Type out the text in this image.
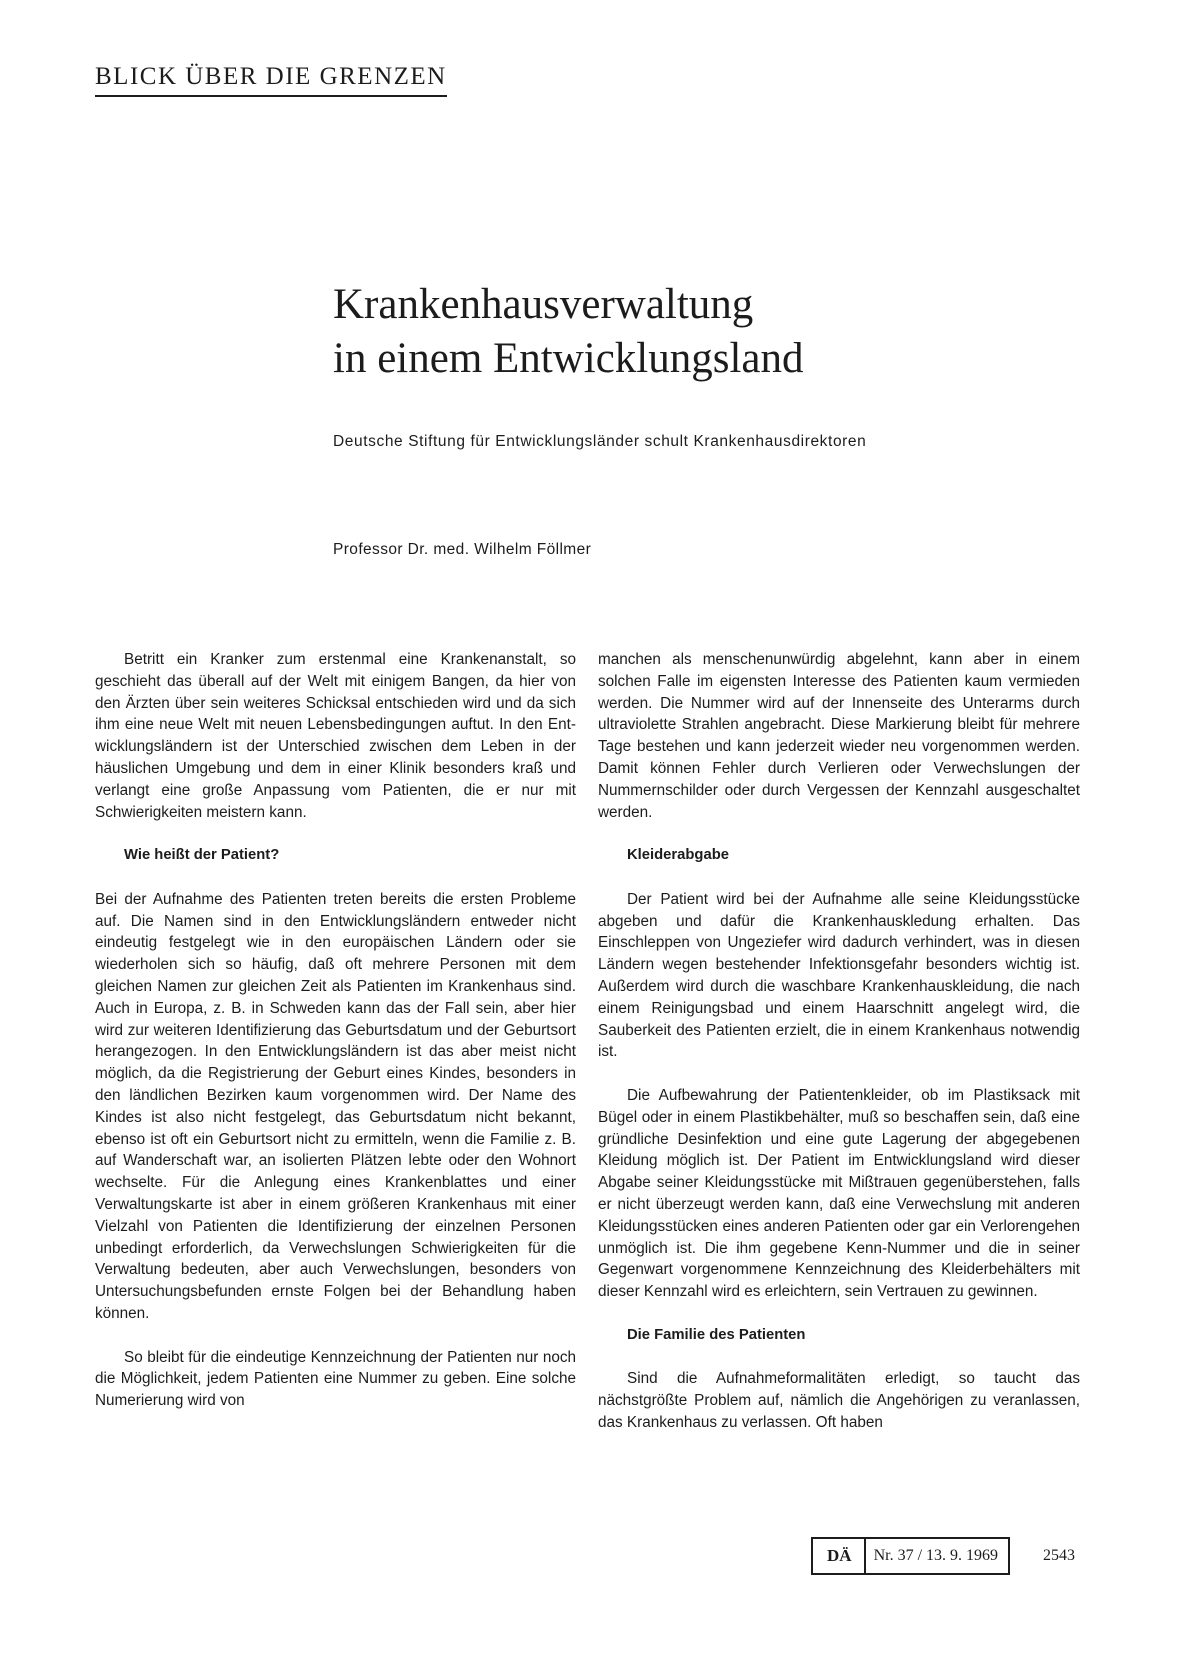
BLICK ÜBER DIE GRENZEN
Krankenhausverwaltung
in einem Entwicklungsland
Deutsche Stiftung für Entwicklungsländer schult Krankenhausdirektoren
Professor Dr. med. Wilhelm Föllmer

Betritt ein Kranker zum erstenmal eine Krankenanstalt, so geschieht das überall auf der Welt mit einigem Bangen, da hier von den Ärzten über sein weiteres Schicksal entschieden wird und da sich ihm eine neue Welt mit neuen Lebensbedingungen auftut. In den Entwicklungsländern ist der Unterschied zwischen dem Leben in der häuslichen Umgebung und dem in einer Klinik besonders kraß und verlangt eine große Anpassung vom Patienten, die er nur mit Schwierigkeiten meistern kann.

Wie heißt der Patient?

Bei der Aufnahme des Patienten treten bereits die ersten Probleme auf. Die Namen sind in den Entwicklungsländern entweder nicht eindeutig festgelegt wie in den europäischen Ländern oder sie wiederholen sich so häufig, daß oft mehrere Personen mit dem gleichen Namen zur gleichen Zeit als Patienten im Krankenhaus sind. Auch in Europa, z. B. in Schweden kann das der Fall sein, aber hier wird zur weiteren Identifizierung das Geburtsdatum und der Geburtsort herangezogen. In den Entwicklungsländern ist das aber meist nicht möglich, da die Registrierung der Geburt eines Kindes, besonders in den ländlichen Bezirken kaum vorgenommen wird. Der Name des Kindes ist also nicht festgelegt, das Geburtsdatum nicht bekannt, ebenso ist oft ein Geburtsort nicht zu ermitteln, wenn die Familie z. B. auf Wanderschaft war, an isolierten Plätzen lebte oder den Wohnort wechselte. Für die Anlegung eines Krankenblattes und einer Verwaltungskarte ist aber in einem größeren Krankenhaus mit einer Vielzahl von Patienten die Identifizierung der einzelnen Personen unbedingt erforderlich, da Verwechslungen Schwierigkeiten für die Verwaltung bedeuten, aber auch Verwechslungen, besonders von Untersuchungsbefunden ernste Folgen bei der Behandlung haben können.

So bleibt für die eindeutige Kennzeichnung der Patienten nur noch die Möglichkeit, jedem Patienten eine Nummer zu geben. Eine solche Numerierung wird von

manchen als menschenunwürdig abgelehnt, kann aber in einem solchen Falle im eigensten Interesse des Patienten kaum vermieden werden. Die Nummer wird auf der Innenseite des Unterarms durch ultraviolette Strahlen angebracht. Diese Markierung bleibt für mehrere Tage bestehen und kann jederzeit wieder neu vorgenommen werden. Damit können Fehler durch Verlieren oder Verwechslungen der Nummernschilder oder durch Vergessen der Kennzahl ausgeschaltet werden.

Kleiderabgabe

Der Patient wird bei der Aufnahme alle seine Kleidungsstücke abgeben und dafür die Krankenhauskledung erhalten. Das Einschleppen von Ungeziefer wird dadurch verhindert, was in diesen Ländern wegen bestehender Infektionsgefahr besonders wichtig ist. Außerdem wird durch die waschbare Krankenhauskleidung, die nach einem Reinigungsbad und einem Haarschnitt angelegt wird, die Sauberkeit des Patienten erzielt, die in einem Krankenhaus notwendig ist.

Die Aufbewahrung der Patientenkleider, ob im Plastiksack mit Bügel oder in einem Plastikbehälter, muß so beschaffen sein, daß eine gründliche Desinfektion und eine gute Lagerung der abgegebenen Kleidung möglich ist. Der Patient im Entwicklungsland wird dieser Abgabe seiner Kleidungsstücke mit Mißtrauen gegenüberstehen, falls er nicht überzeugt werden kann, daß eine Verwechslung mit anderen Kleidungsstücken eines anderen Patienten oder gar ein Verlorengehen unmöglich ist. Die ihm gegebene Kenn-Nummer und die in seiner Gegenwart vorgenommene Kennzeichnung des Kleiderbehälters mit dieser Kennzahl wird es erleichtern, sein Vertrauen zu gewinnen.

Die Familie des Patienten

Sind die Aufnahmeformalitäten erledigt, so taucht das nächstgrößte Problem auf, nämlich die Angehörigen zu veranlassen, das Krankenhaus zu verlassen. Oft haben

DÄ	Nr. 37 / 13. 9. 1969	2543
